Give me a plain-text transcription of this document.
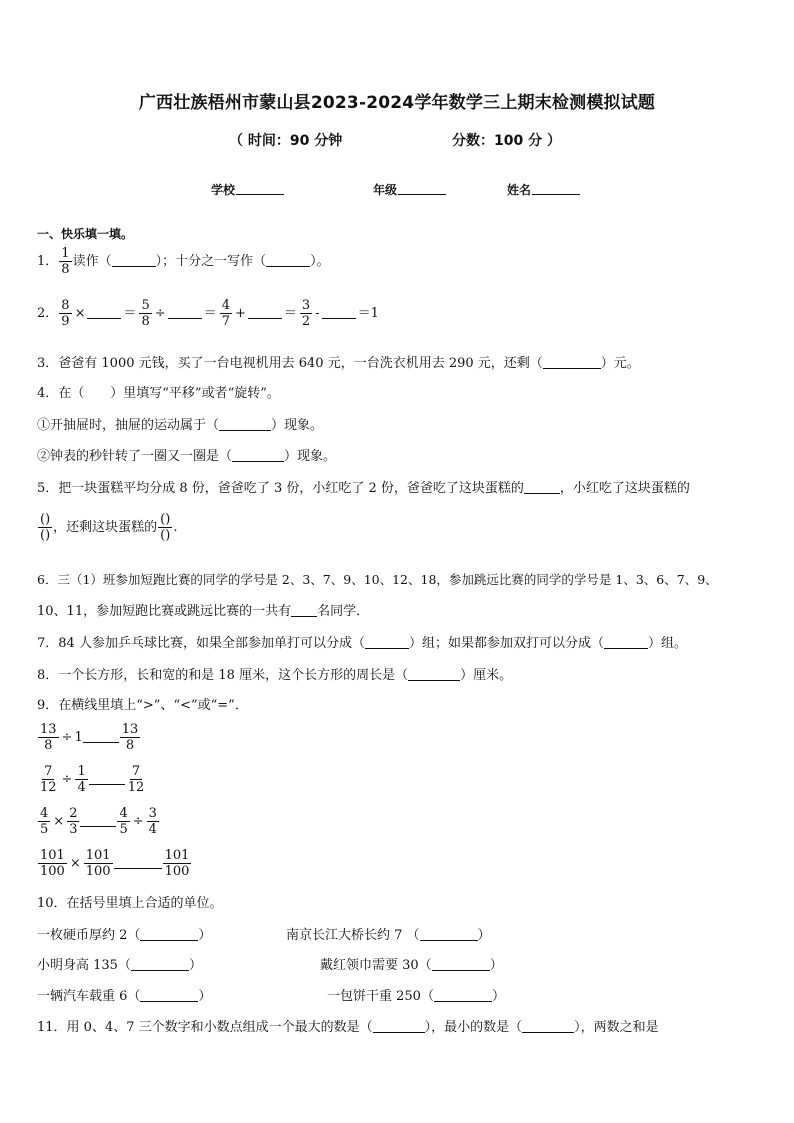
广西壮族梧州市蒙山县2023-2024学年数学三上期末检测模拟试题
（ 时间：90 分钟	分数：100 分 ）
学校	年级	姓名
一、快乐填一填。
1． $\frac{1}{8}$ 读作（	）；十分之一写作（	）。
2． $\frac{8}{9}$ ×	＝ $\frac{5}{8}$ ÷	＝ $\frac{4}{7}$ +	＝ $\frac{3}{2}$ -	＝1
3．爸爸有 1000 元钱，买了一台电视机用去 640 元，一台洗衣机用去 290 元，还剩（	）元。
4．在（　　）里填写“平移”或者“旋转”。
①开抽屉时，抽屉的运动属于（	）现象。
②钟表的秒针转了一圈又一圈是（	）现象。
5．把一块蛋糕平均分成 8 份，爸爸吃了 3 份，小红吃了 2 份，爸爸吃了这块蛋糕的	，小红吃了这块蛋糕的
$\frac{()}{()}$ ，还剩这块蛋糕的 $\frac{()}{()}$ .
6．三（1）班参加短跑比赛的同学的学号是 2、3、7、9、10、12、18，参加跳远比赛的同学的学号是 1、3、6、7、9、
10、11，参加短跑比赛或跳远比赛的一共有 名同学．
7．84 人参加乒乓球比赛，如果全部参加单打可以分成（	）组；如果都参加双打可以分成（	）组。
8．一个长方形，长和宽的和是 18 厘米，这个长方形的周长是（	）厘米。
9．在横线里填上“>”、“<”或“=”．
$\frac{13}{8} \div 1$	$\frac{13}{8}$
$\frac{7}{12} \div \frac{1}{4}$	$\frac{7}{12}$
$\frac{4}{5} \times \frac{2}{3}$	$\frac{4}{5} \div \frac{3}{4}$
$\frac{101}{100} \times \frac{101}{100}$	$\frac{101}{100}$
10．在括号里填上合适的单位。
一枚硬币厚约 2（	）	南京长江大桥长约 7 （	）
小明身高 135（	）	戴红领巾需要 30（	）
一辆汽车载重 6（	）	一包饼干重 250（	）
11．用 0、4、7 三个数字和小数点组成一个最大的数是（	），最小的数是（	），两数之和是
